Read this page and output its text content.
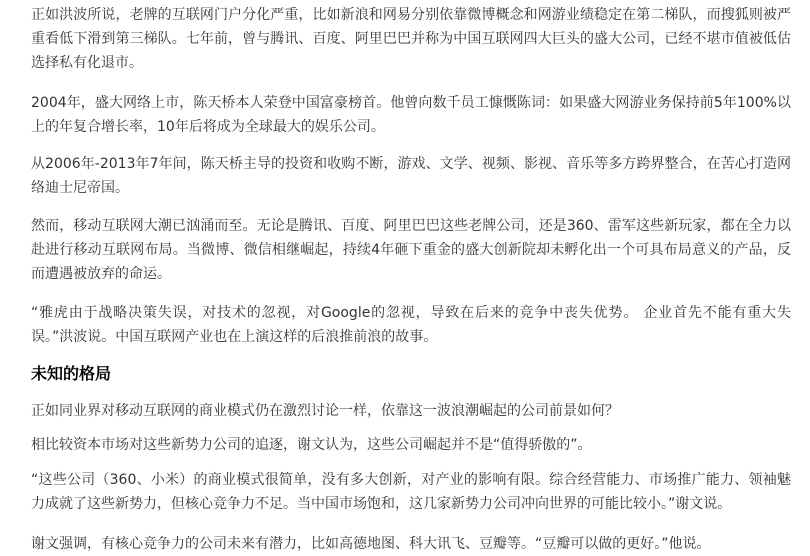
正如洪波所说，老牌的互联网门户分化严重，比如新浪和网易分别依靠微博概念和网游业绩稳定在第二梯队，而搜狐则被严重看低下滑到第三梯队。七年前，曾与腾讯、百度、阿里巴巴并称为中国互联网四大巨头的盛大公司，已经不堪市值被低估选择私有化退市。

2004年，盛大网络上市，陈天桥本人荣登中国富豪榜首。他曾向数千员工慷慨陈词：如果盛大网游业务保持前5年100%以上的年复合增长率，10年后将成为全球最大的娱乐公司。

从2006年-2013年7年间，陈天桥主导的投资和收购不断，游戏、文学、视频、影视、音乐等多方跨界整合，在苦心打造网络迪士尼帝国。

然而，移动互联网大潮已汹涌而至。无论是腾讯、百度、阿里巴巴这些老牌公司，还是360、雷军这些新玩家，都在全力以赴进行移动互联网布局。当微博、微信相继崛起，持续4年砸下重金的盛大创新院却未孵化出一个可具布局意义的产品，反而遭遇被放弃的命运。

“雅虎由于战略决策失误，对技术的忽视，对Google的忽视，导致在后来的竞争中丧失优势。 企业首先不能有重大失误。”洪波说。中国互联网产业也在上演这样的后浪推前浪的故事。

未知的格局

正如同业界对移动互联网的商业模式仍在激烈讨论一样，依靠这一波浪潮崛起的公司前景如何？

相比较资本市场对这些新势力公司的追逐，谢文认为，这些公司崛起并不是“值得骄傲的”。

“这些公司（360、小米）的商业模式很简单，没有多大创新，对产业的影响有限。综合经营能力、市场推广能力、领袖魅力成就了这些新势力，但核心竞争力不足。当中国市场饱和，这几家新势力公司冲向世界的可能比较小。”谢文说。

谢文强调，有核心竞争力的公司未来有潜力，比如高德地图、科大讯飞、豆瓣等。“豆瓣可以做的更好。”他说。
